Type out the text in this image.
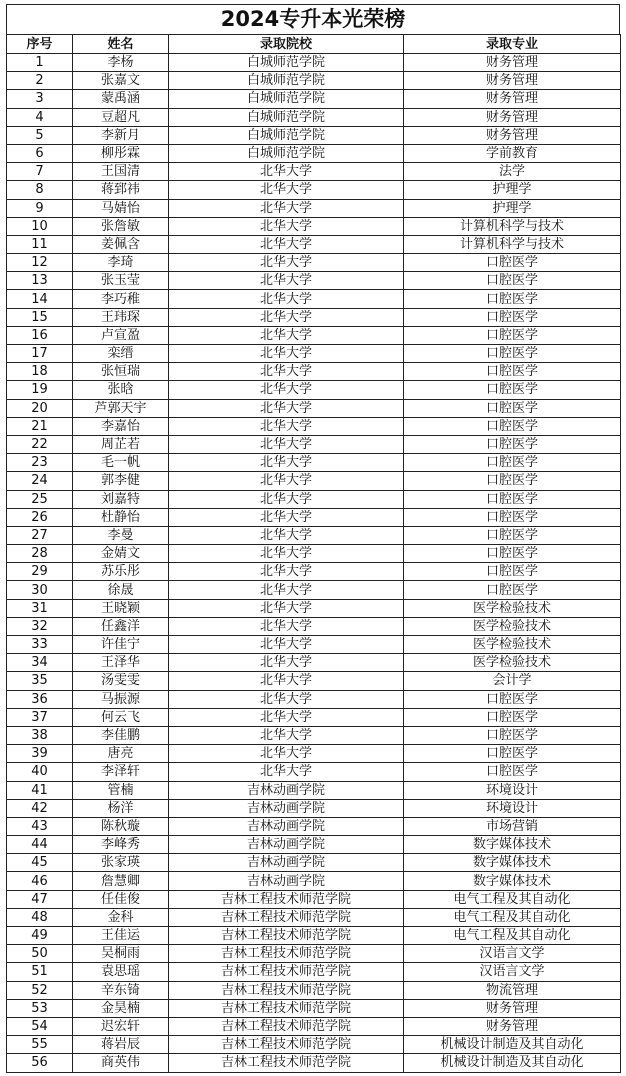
2024专升本光荣榜
序号	姓名	录取院校	录取专业
1	李杨	白城师范学院	财务管理
2	张嘉文	白城师范学院	财务管理
3	蒙禹涵	白城师范学院	财务管理
4	豆超凡	白城师范学院	财务管理
5	李新月	白城师范学院	财务管理
6	柳彤霖	白城师范学院	学前教育
7	王国清	北华大学	法学
8	蒋郅祎	北华大学	护理学
9	马婧怡	北华大学	护理学
10	张詹敏	北华大学	计算机科学与技术
11	姜佩含	北华大学	计算机科学与技术
12	李琦	北华大学	口腔医学
13	张玉莹	北华大学	口腔医学
14	李巧稚	北华大学	口腔医学
15	王玮琛	北华大学	口腔医学
16	卢宣盈	北华大学	口腔医学
17	栾缙	北华大学	口腔医学
18	张恒瑞	北华大学	口腔医学
19	张晗	北华大学	口腔医学
20	芦郭天宇	北华大学	口腔医学
21	李嘉怡	北华大学	口腔医学
22	周芷若	北华大学	口腔医学
23	毛一帆	北华大学	口腔医学
24	郭李健	北华大学	口腔医学
25	刘嘉特	北华大学	口腔医学
26	杜静怡	北华大学	口腔医学
27	李曼	北华大学	口腔医学
28	金婧文	北华大学	口腔医学
29	苏乐彤	北华大学	口腔医学
30	徐晟	北华大学	口腔医学
31	王晓颖	北华大学	医学检验技术
32	任鑫洋	北华大学	医学检验技术
33	许佳宁	北华大学	医学检验技术
34	王泽华	北华大学	医学检验技术
35	汤雯雯	北华大学	会计学
36	马振源	北华大学	口腔医学
37	何云飞	北华大学	口腔医学
38	李佳鹏	北华大学	口腔医学
39	唐亮	北华大学	口腔医学
40	李泽轩	北华大学	口腔医学
41	管楠	吉林动画学院	环境设计
42	杨洋	吉林动画学院	环境设计
43	陈秋璇	吉林动画学院	市场营销
44	李峰秀	吉林动画学院	数字媒体技术
45	张家瑛	吉林动画学院	数字媒体技术
46	詹慧卿	吉林动画学院	数字媒体技术
47	任佳俊	吉林工程技术师范学院	电气工程及其自动化
48	金科	吉林工程技术师范学院	电气工程及其自动化
49	王佳运	吉林工程技术师范学院	电气工程及其自动化
50	吴桐雨	吉林工程技术师范学院	汉语言文学
51	袁思瑶	吉林工程技术师范学院	汉语言文学
52	辛东锜	吉林工程技术师范学院	物流管理
53	金昊楠	吉林工程技术师范学院	财务管理
54	迟宏轩	吉林工程技术师范学院	财务管理
55	蒋岩辰	吉林工程技术师范学院	机械设计制造及其自动化
56	商英伟	吉林工程技术师范学院	机械设计制造及其自动化
